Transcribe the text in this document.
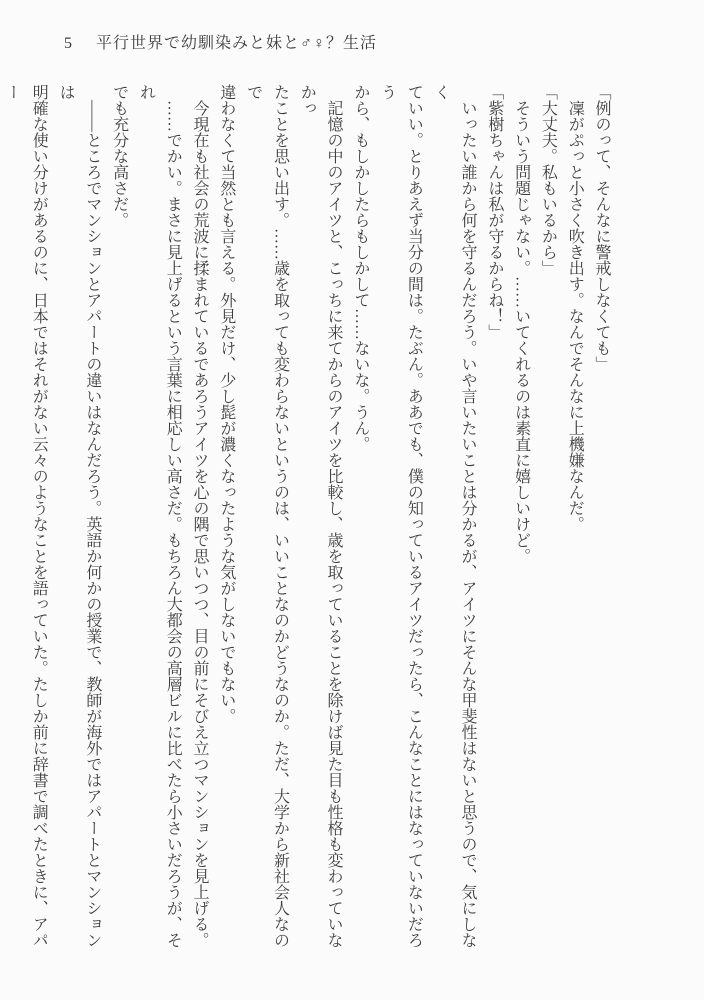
5 平行世界で幼馴染みと妹と♂♀？生活
「例のって、そんなに警戒しなくても」
凜がぷっと小さく吹き出す。なんでそんなに上機嫌なんだ。
「大丈夫。私もいるから」
そういう問題じゃない。……いてくれるのは素直に嬉しいけど。
「紫樹ちゃんは私が守るからね！」
いったい誰から何を守るんだろう。いや言いたいことは分かるが、アイツにそんな甲斐性はないと思うので、気にしなく
ていい。とりあえず当分の間は。たぶん。ああでも、僕の知っているアイツだったら、こんなことにはなっていないだろう
から、もしかしたらもしかして……ないな。うん。
記憶の中のアイツと、こっちに来てからのアイツを比較し、歳を取っていることを除けば見た目も性格も変わっていなかっ
たことを思い出す。……歳を取っても変わらないというのは、いいことなのかどうなのか。ただ、大学から新社会人なので
違わなくて当然とも言える。外見だけ、少し髭が濃くなったような気がしないでもない。
今現在も社会の荒波に揉まれているであろうアイツを心の隅で思いつつ、目の前にそびえ立つマンションを見上げる。
……でかい。まさに見上げるという言葉に相応しい高さだ。もちろん大都会の高層ビルに比べたら小さいだろうが、それ
でも充分な高さだ。
——ところでマンションとアパートの違いはなんだろう。英語か何かの授業で、教師が海外ではアパートとマンションは
明確な使い分けがあるのに、日本ではそれがない云々のようなことを語っていた。たしか前に辞書で調べたときに、アパー
